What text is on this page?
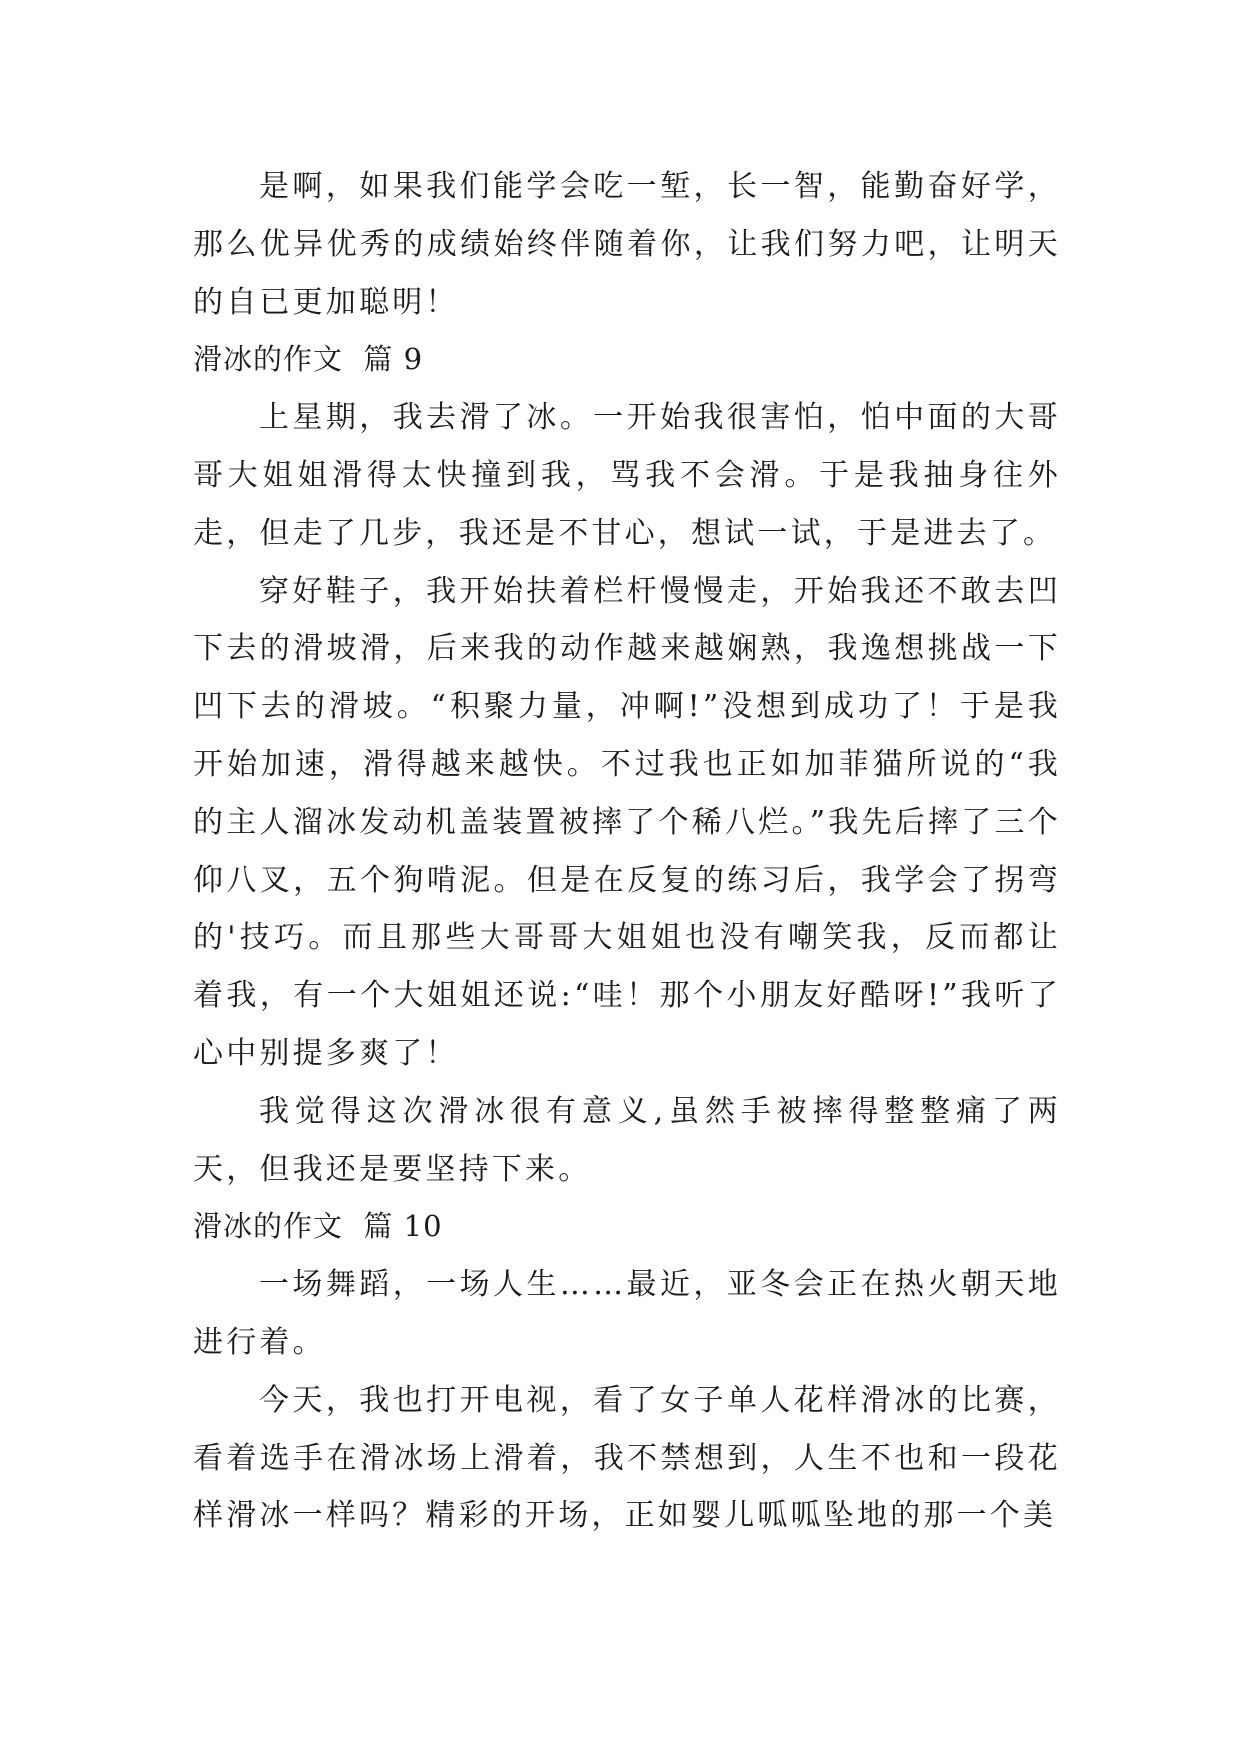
是啊，如果我们能学会吃一堑，长一智，能勤奋好学，那么优异优秀的成绩始终伴随着你，让我们努力吧，让明天的自已更加聪明！

滑冰的作文  篇 9

上星期，我去滑了冰。一开始我很害怕，怕中面的大哥哥大姐姐滑得太快撞到我，骂我不会滑。于是我抽身往外走，但走了几步，我还是不甘心，想试一试，于是进去了。

穿好鞋子，我开始扶着栏杆慢慢走，开始我还不敢去凹下去的滑坡滑，后来我的动作越来越娴熟，我逸想挑战一下凹下去的滑坡。“积聚力量，冲啊!”没想到成功了！于是我开始加速，滑得越来越快。不过我也正如加菲猫所说的“我的主人溜冰发动机盖装置被摔了个稀八烂。”我先后摔了三个仰八叉，五个狗啃泥。但是在反复的练习后，我学会了拐弯的'技巧。而且那些大哥哥大姐姐也没有嘲笑我，反而都让着我，有一个大姐姐还说:“哇！那个小朋友好酷呀!”我听了心中别提多爽了！

我觉得这次滑冰很有意义,虽然手被摔得整整痛了两天，但我还是要坚持下来。

滑冰的作文  篇 10

一场舞蹈，一场人生……最近，亚冬会正在热火朝天地进行着。

今天，我也打开电视，看了女子单人花样滑冰的比赛，看着选手在滑冰场上滑着，我不禁想到，人生不也和一段花样滑冰一样吗？精彩的开场，正如婴儿呱呱坠地的那一个美
